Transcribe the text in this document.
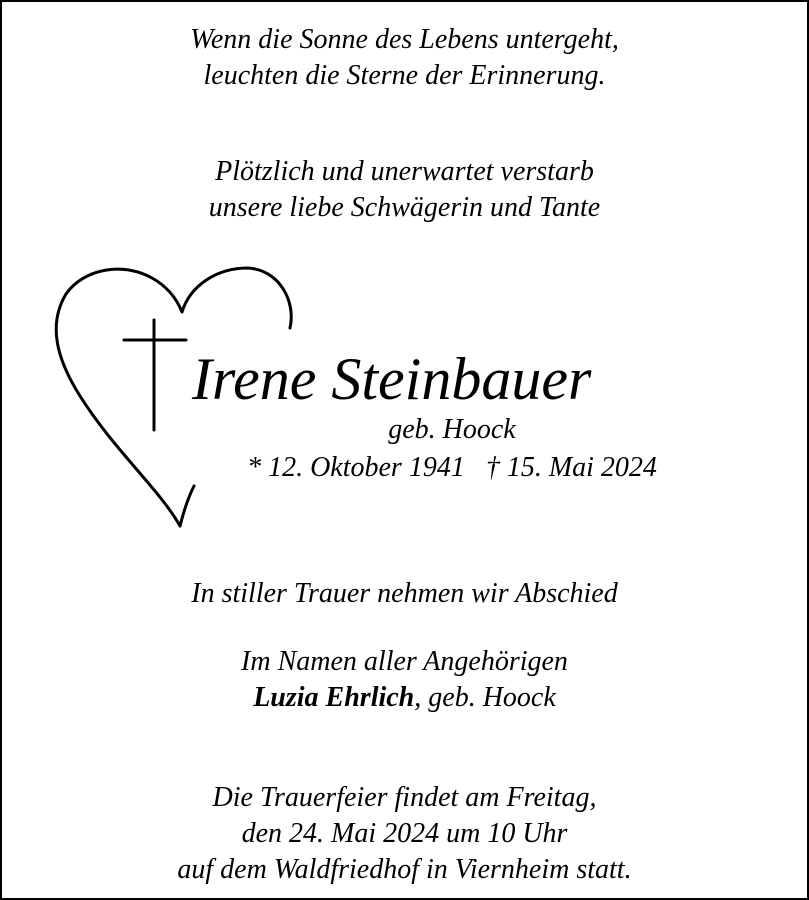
Wenn die Sonne des Lebens untergeht,
leuchten die Sterne der Erinnerung.
Plötzlich und unerwartet verstarb
unsere liebe Schwägerin und Tante
Irene Steinbauer
geb. Hoock
* 12. Oktober 1941 † 15. Mai 2024
In stiller Trauer nehmen wir Abschied
Im Namen aller Angehörigen
Luzia Ehrlich, geb. Hoock
Die Trauerfeier findet am Freitag,
den 24. Mai 2024 um 10 Uhr
auf dem Waldfriedhof in Viernheim statt.
